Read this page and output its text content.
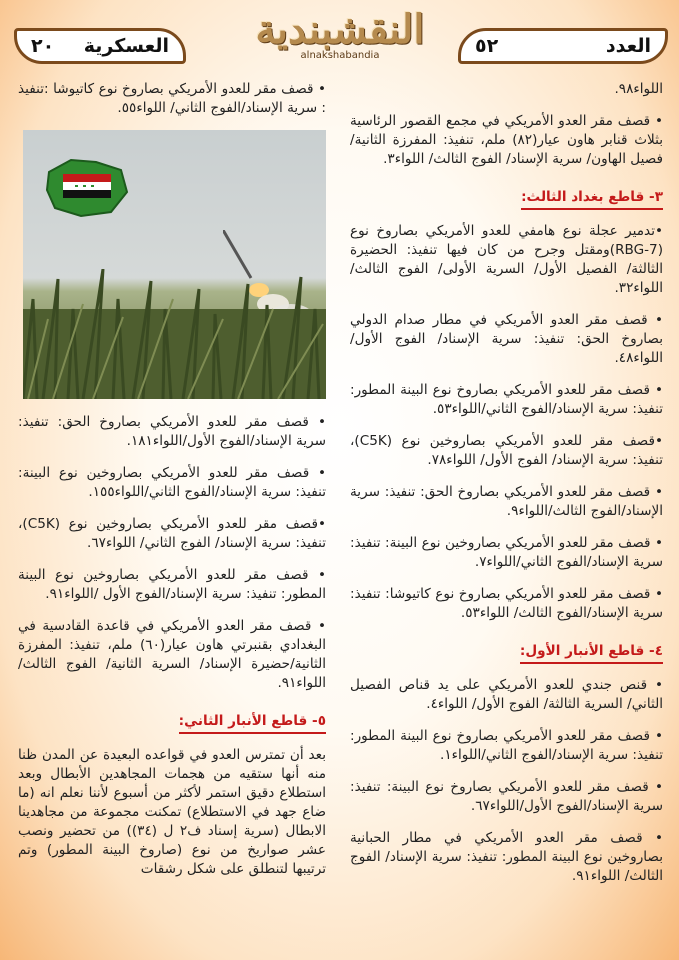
٢٠ العسكرية	النقشبندية
alnakshabandia	٥٢	العدد
اللواء٩٨.
• قصف مقر العدو الأمريكي في مجمع القصور الرئاسية بثلاث قنابر هاون عيار(٨٢) ملم، تنفيذ: المفرزة الثانية/ فصيل الهاون/ سرية الإسناد/ الفوج الثالث/ اللواء٣.
٣- قاطع بغداد الثالث:
•تدمير عجلة نوع هامفي للعدو الأمريكي بصاروخ نوع (RBG-7)ومقتل وجرح من كان فيها تنفيذ: الحضيرة الثالثة/ الفصيل الأول/ السرية الأولى/ الفوج الثالث/ اللواء٣٢.
• قصف مقر العدو الأمريكي في مطار صدام الدولي بصاروخ الحق: تنفيذ: سرية الإسناد/ الفوج الأول/ اللواء٤٨.
• قصف مقر للعدو الأمريكي بصاروخ نوع البينة المطور: تنفيذ: سرية الإسناد/الفوج الثاني/اللواء٥٣.
•قصف مقر للعدو الأمريكي بصاروخين نوع (C5K)، تنفيذ: سرية الإسناد/ الفوج الأول/ اللواء٧٨.
• قصف مقر للعدو الأمريكي بصاروخ الحق: تنفيذ: سرية الإسناد/الفوج الثالث/اللواء٩.
• قصف مقر للعدو الأمريكي بصاروخين نوع البينة: تنفيذ: سرية الإسناد/الفوج الثاني/اللواء٧.
• قصف مقر للعدو الأمريكي بصاروخ نوع كاتيوشا: تنفيذ: سرية الإسناد/الفوج الثالث/ اللواء٥٣.
٤- قاطع الأنبار الأول:
• قنص جندي للعدو الأمريكي على يد قناص الفصيل الثاني/ السرية الثالثة/ الفوج الأول/ اللواء٤.
• قصف مقر للعدو الأمريكي بصاروخ نوع البينة المطور: تنفيذ: سرية الإسناد/الفوج الثاني/اللواء١.
• قصف مقر للعدو الأمريكي بصاروخ نوع البينة: تنفيذ: سرية الإسناد/الفوج الأول/اللواء٦٧.
• قصف مقر العدو الأمريكي في مطار الحبانية بصاروخين نوع البينة المطور: تنفيذ: سرية الإسناد/ الفوج الثالث/ اللواء٩١.
• قصف مقر للعدو الأمريكي بصاروخ نوع كاتيوشا :تنفيذ : سرية الإسناد/الفوج الثاني/ اللواء٥٥.
• قصف مقر للعدو الأمريكي بصاروخ الحق: تنفيذ: سرية الإسناد/الفوج الأول/اللواء١٨١.
• قصف مقر للعدو الأمريكي بصاروخين نوع البينة: تنفيذ: سرية الإسناد/الفوج الثاني/اللواء١٥٥.
•قصف مقر للعدو الأمريكي بصاروخين نوع (C5K)، تنفيذ: سرية الإسناد/ الفوج الثاني/ اللواء٦٧.
• قصف مقر للعدو الأمريكي بصاروخين نوع البينة المطور: تنفيذ: سرية الإسناد/الفوج الأول /اللواء٩١.
• قصف مقر العدو الأمريكي في قاعدة القادسية في البغدادي بقنبرتي هاون عيار(٦٠) ملم، تنفيذ: المفرزة الثانية/حضيرة الإسناد/ السرية الثانية/ الفوج الثالث/ اللواء٩١.
٥- قاطع الأنبار الثاني:

بعد أن تمترس العدو في قواعده البعيدة عن المدن ظنا منه أنها ستقيه من هجمات المجاهدين الأبطال وبعد استطلاع دقيق استمر لأكثر من أسبوع لأننا نعلم انه (ما ضاع جهد في الاستطلاع) تمكنت مجموعة من مجاهدينا الابطال (سرية إسناد ف٢ ل (٣٤)) من تحضير ونصب عشر صواريخ من نوع (صاروخ البينة المطور) وتم ترتيبها لتنطلق على شكل رشقات
